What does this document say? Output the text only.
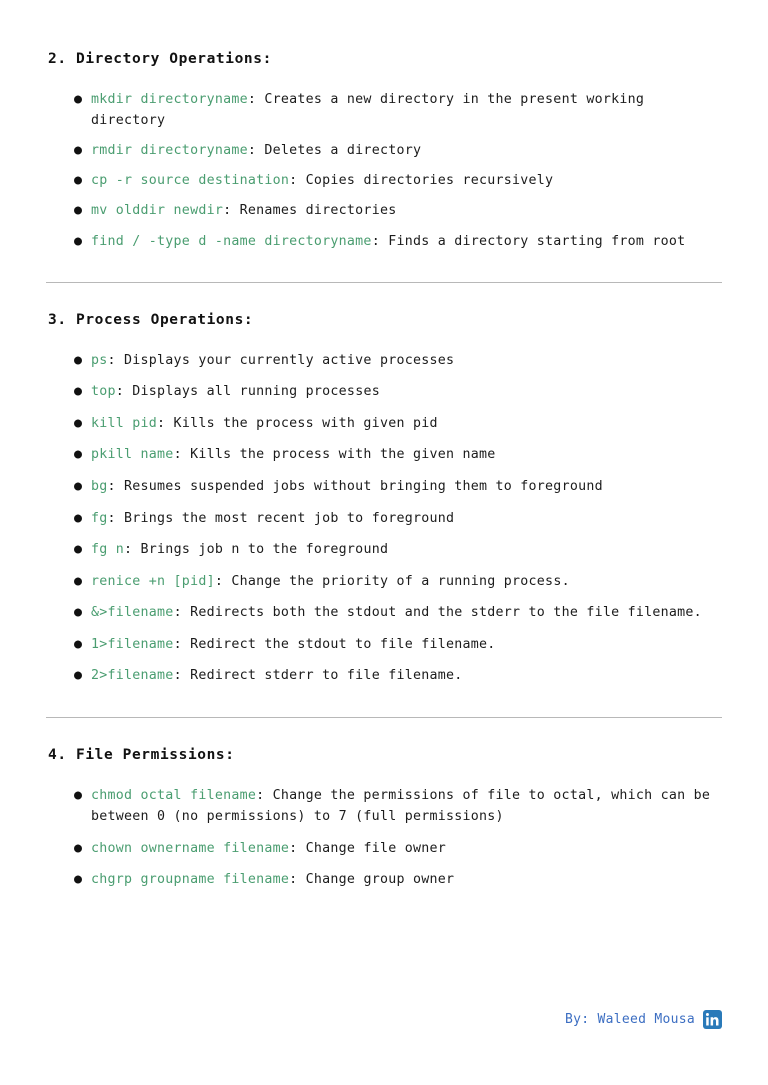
2. Directory Operations:
● mkdir directoryname: Creates a new directory in the present working directory
● rmdir directoryname: Deletes a directory
● cp -r source destination: Copies directories recursively
● mv olddir newdir: Renames directories
● find / -type d -name directoryname: Finds a directory starting from root
3. Process Operations:
● ps: Displays your currently active processes
● top: Displays all running processes
● kill pid: Kills the process with given pid
● pkill name: Kills the process with the given name
● bg: Resumes suspended jobs without bringing them to foreground
● fg: Brings the most recent job to foreground
● fg n: Brings job n to the foreground
● renice +n [pid]: Change the priority of a running process.
● &>filename: Redirects both the stdout and the stderr to the file filename.
● 1>filename: Redirect the stdout to file filename.
● 2>filename: Redirect stderr to file filename.
4. File Permissions:
● chmod octal filename: Change the permissions of file to octal, which can be between 0 (no permissions) to 7 (full permissions)
● chown ownername filename: Change file owner
● chgrp groupname filename: Change group owner
By: Waleed Mousa
